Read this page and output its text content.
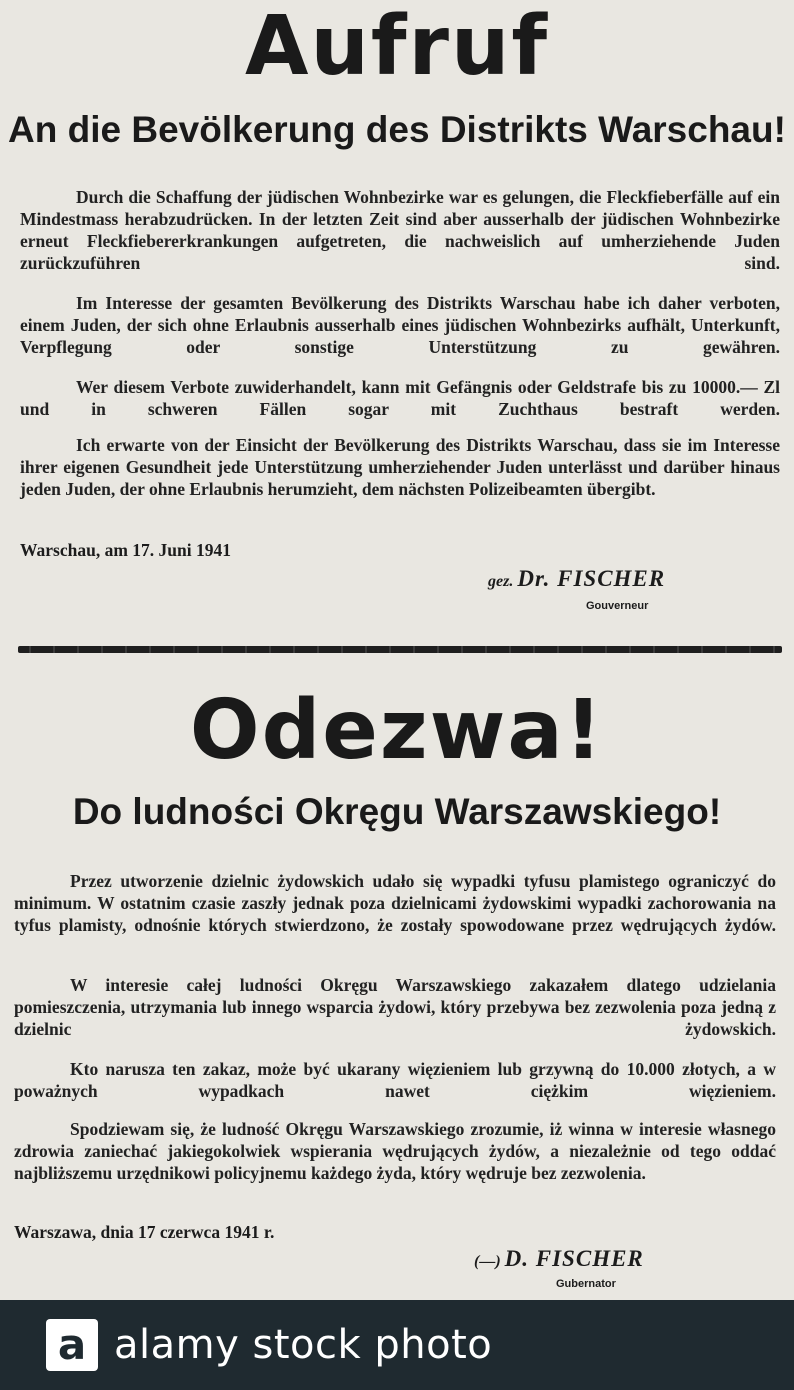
Aufruf
An die Bevölkerung des Distrikts Warschau!
Durch die Schaffung der jüdischen Wohnbezirke war es gelungen, die Fleckfieberfälle auf ein Mindestmass herabzudrücken. In der letzten Zeit sind aber ausserhalb der jüdischen Wohnbezirke erneut Fleckfiebererkrankungen aufgetreten, die nachweislich auf umherziehende Juden zurückzuführen sind.
Im Interesse der gesamten Bevölkerung des Distrikts Warschau habe ich daher verboten, einem Juden, der sich ohne Erlaubnis ausserhalb eines jüdischen Wohnbezirks aufhält, Unterkunft, Verpflegung oder sonstige Unterstützung zu gewähren.
Wer diesem Verbote zuwiderhandelt, kann mit Gefängnis oder Geldstrafe bis zu 10000.— Zl und in schweren Fällen sogar mit Zuchthaus bestraft werden.
Ich erwarte von der Einsicht der Bevölkerung des Distrikts Warschau, dass sie im Interesse ihrer eigenen Gesundheit jede Unterstützung umherziehender Juden unterlässt und darüber hinaus jeden Juden, der ohne Erlaubnis herumzieht, dem nächsten Polizeibeamten übergibt.
Warschau, am 17. Juni 1941
gez. Dr. FISCHER
Gouverneur
Odezwa!
Do ludności Okręgu Warszawskiego!
Przez utworzenie dzielnic żydowskich udało się wypadki tyfusu plamistego ograniczyć do minimum. W ostatnim czasie zaszły jednak poza dzielnicami żydowskimi wypadki zachorowania na tyfus plamisty, odnośnie których stwierdzono, że zostały spowodowane przez wędrujących żydów.
W interesie całej ludności Okręgu Warszawskiego zakazałem dlatego udzielania pomieszczenia, utrzymania lub innego wsparcia żydowi, który przebywa bez zezwolenia poza jedną z dzielnic żydowskich.
Kto narusza ten zakaz, może być ukarany więzieniem lub grzywną do 10.000 złotych, a w poważnych wypadkach nawet ciężkim więzieniem.
Spodziewam się, że ludność Okręgu Warszawskiego zrozumie, iż winna w interesie własnego zdrowia zaniechać jakiegokolwiek wspierania wędrujących żydów, a niezależnie od tego oddać najbliższemu urzędnikowi policyjnemu każdego żyda, który wędruje bez zezwolenia.
Warszawa, dnia 17 czerwca 1941 r.
(—) D. FISCHER
Gubernator
a alamy stock photo
